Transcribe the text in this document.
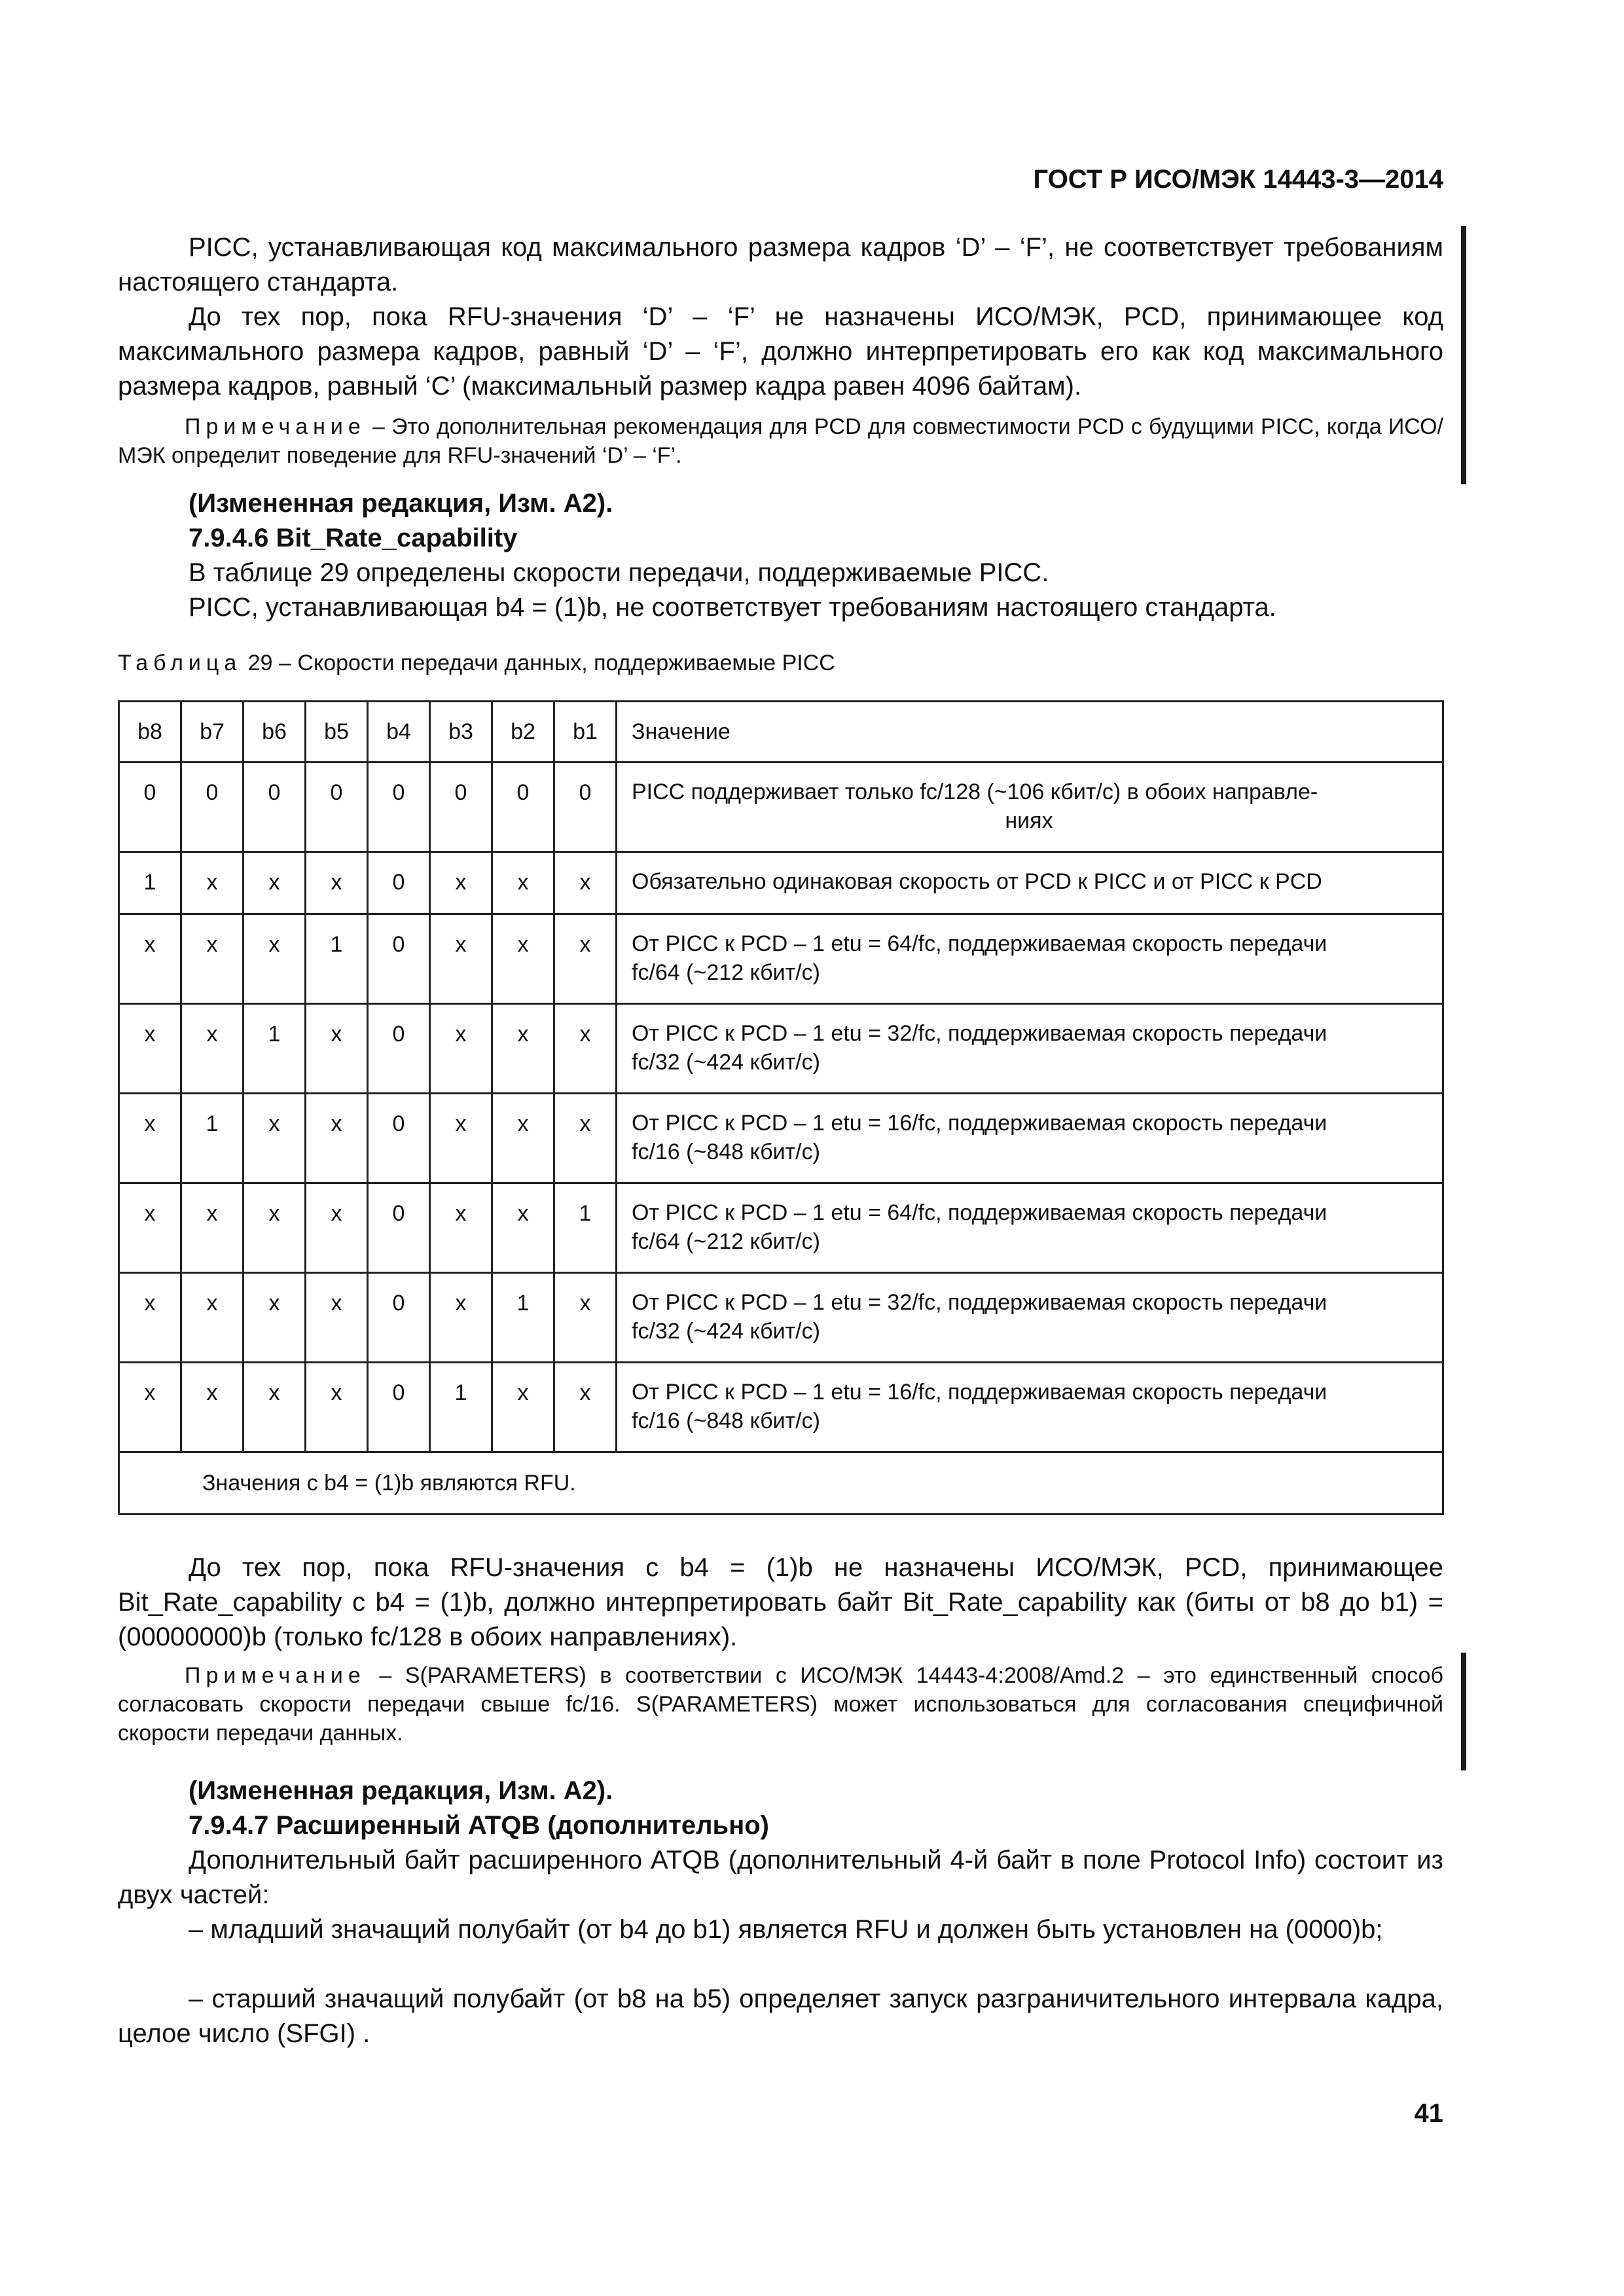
ГОСТ Р ИСО/МЭК 14443-3—2014
PICC, устанавливающая код максимального размера кадров ‘D’ – ‘F’, не соответствует требованиям настоящего стандарта.
До тех пор, пока RFU-значения ‘D’ – ‘F’ не назначены ИСО/МЭК, PCD, принимающее код максимального размера кадров, равный ‘D’ – ‘F’, должно интерпретировать его как код максимального размера кадров, равный ‘C’ (максимальный размер кадра равен 4096 байтам).
Примечание – Это дополнительная рекомендация для PCD для совместимости PCD с будущими PICC, когда ИСО/МЭК определит поведение для RFU-значений ‘D’ – ‘F’.
(Измененная редакция, Изм. А2).
7.9.4.6 Bit_Rate_capability
В таблице 29 определены скорости передачи, поддерживаемые PICC.
PICC, устанавливающая b4 = (1)b, не соответствует требованиям настоящего стандарта.
Таблица 29 – Скорости передачи данных, поддерживаемые PICC
b8	b7	b6	b5	b4	b3	b2	b1	Значение
0	0	0	0	0	0	0	0	PICC поддерживает только fc/128 (~106 кбит/с) в обоих направле-
ниях

1	x	x	x	0	x	x	x	Обязательно одинаковая скорость от PCD к PICC и от PICC к PCD

x	x	x	1	0	x	x	x	От PICC к PCD – 1 etu = 64/fc, поддерживаемая скорость передачи
fc/64 (~212 кбит/с)

x	x	1	x	0	x	x	x	От PICC к PCD – 1 etu = 32/fc, поддерживаемая скорость передачи
fc/32 (~424 кбит/с)

x	1	x	x	0	x	x	x	От PICC к PCD – 1 etu = 16/fc, поддерживаемая скорость передачи
fc/16 (~848 кбит/с)

x	x	x	x	0	x	x	1	От PICC к PCD – 1 etu = 64/fc, поддерживаемая скорость передачи
fc/64 (~212 кбит/с)

x	x	x	x	0	x	1	x	От PICC к PCD – 1 etu = 32/fc, поддерживаемая скорость передачи
fc/32 (~424 кбит/с)

x	x	x	x	0	1	x	x	От PICC к PCD – 1 etu = 16/fc, поддерживаемая скорость передачи
fc/16 (~848 кбит/с)

Значения с b4 = (1)b являются RFU.								
До тех пор, пока RFU-значения с b4 = (1)b не назначены ИСО/МЭК, PCD, принимающее Bit_Rate_capability с b4 = (1)b, должно интерпретировать байт Bit_Rate_capability как (биты от b8 до b1) = (00000000)b (только fc/128 в обоих направлениях).
Примечание – S(PARAMETERS) в соответствии с ИСО/МЭК 14443-4:2008/Amd.2 – это единственный способ согласовать скорости передачи свыше fc/16. S(PARAMETERS) может использоваться для согласования специфичной скорости передачи данных.
(Измененная редакция, Изм. А2).
7.9.4.7 Расширенный ATQB (дополнительно)
Дополнительный байт расширенного ATQB (дополнительный 4-й байт в поле Protocol Info) состоит из двух частей:
– младший значащий полубайт (от b4 до b1) является RFU и должен быть установлен на (0000)b;
– старший значащий полубайт (от b8 на b5) определяет запуск разграничительного интервала кадра, целое число (SFGI) .
41
